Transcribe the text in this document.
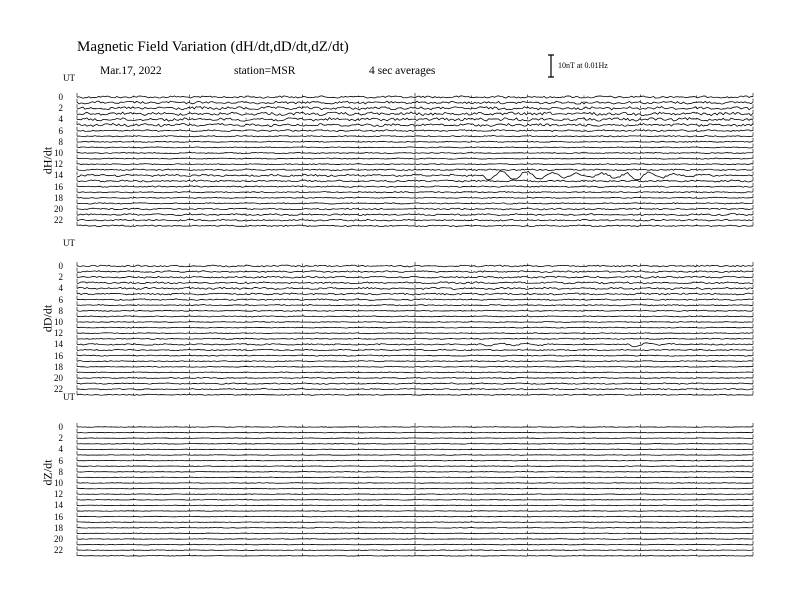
Magnetic Field Variation (dH/dt,dD/dt,dZ/dt)
Mar.17, 2022	station=MSR	4 sec averages	10nT at 0.01Hz
UT
dH/dt
0
2
4
6
8
10
12
14
16
18
20
22
UT
dD/dt
0
2
4
6
8
10
12
14
16
18
20
22
UT
dZ/dt
0
2
4
6
8
10
12
14
16
18
20
22
